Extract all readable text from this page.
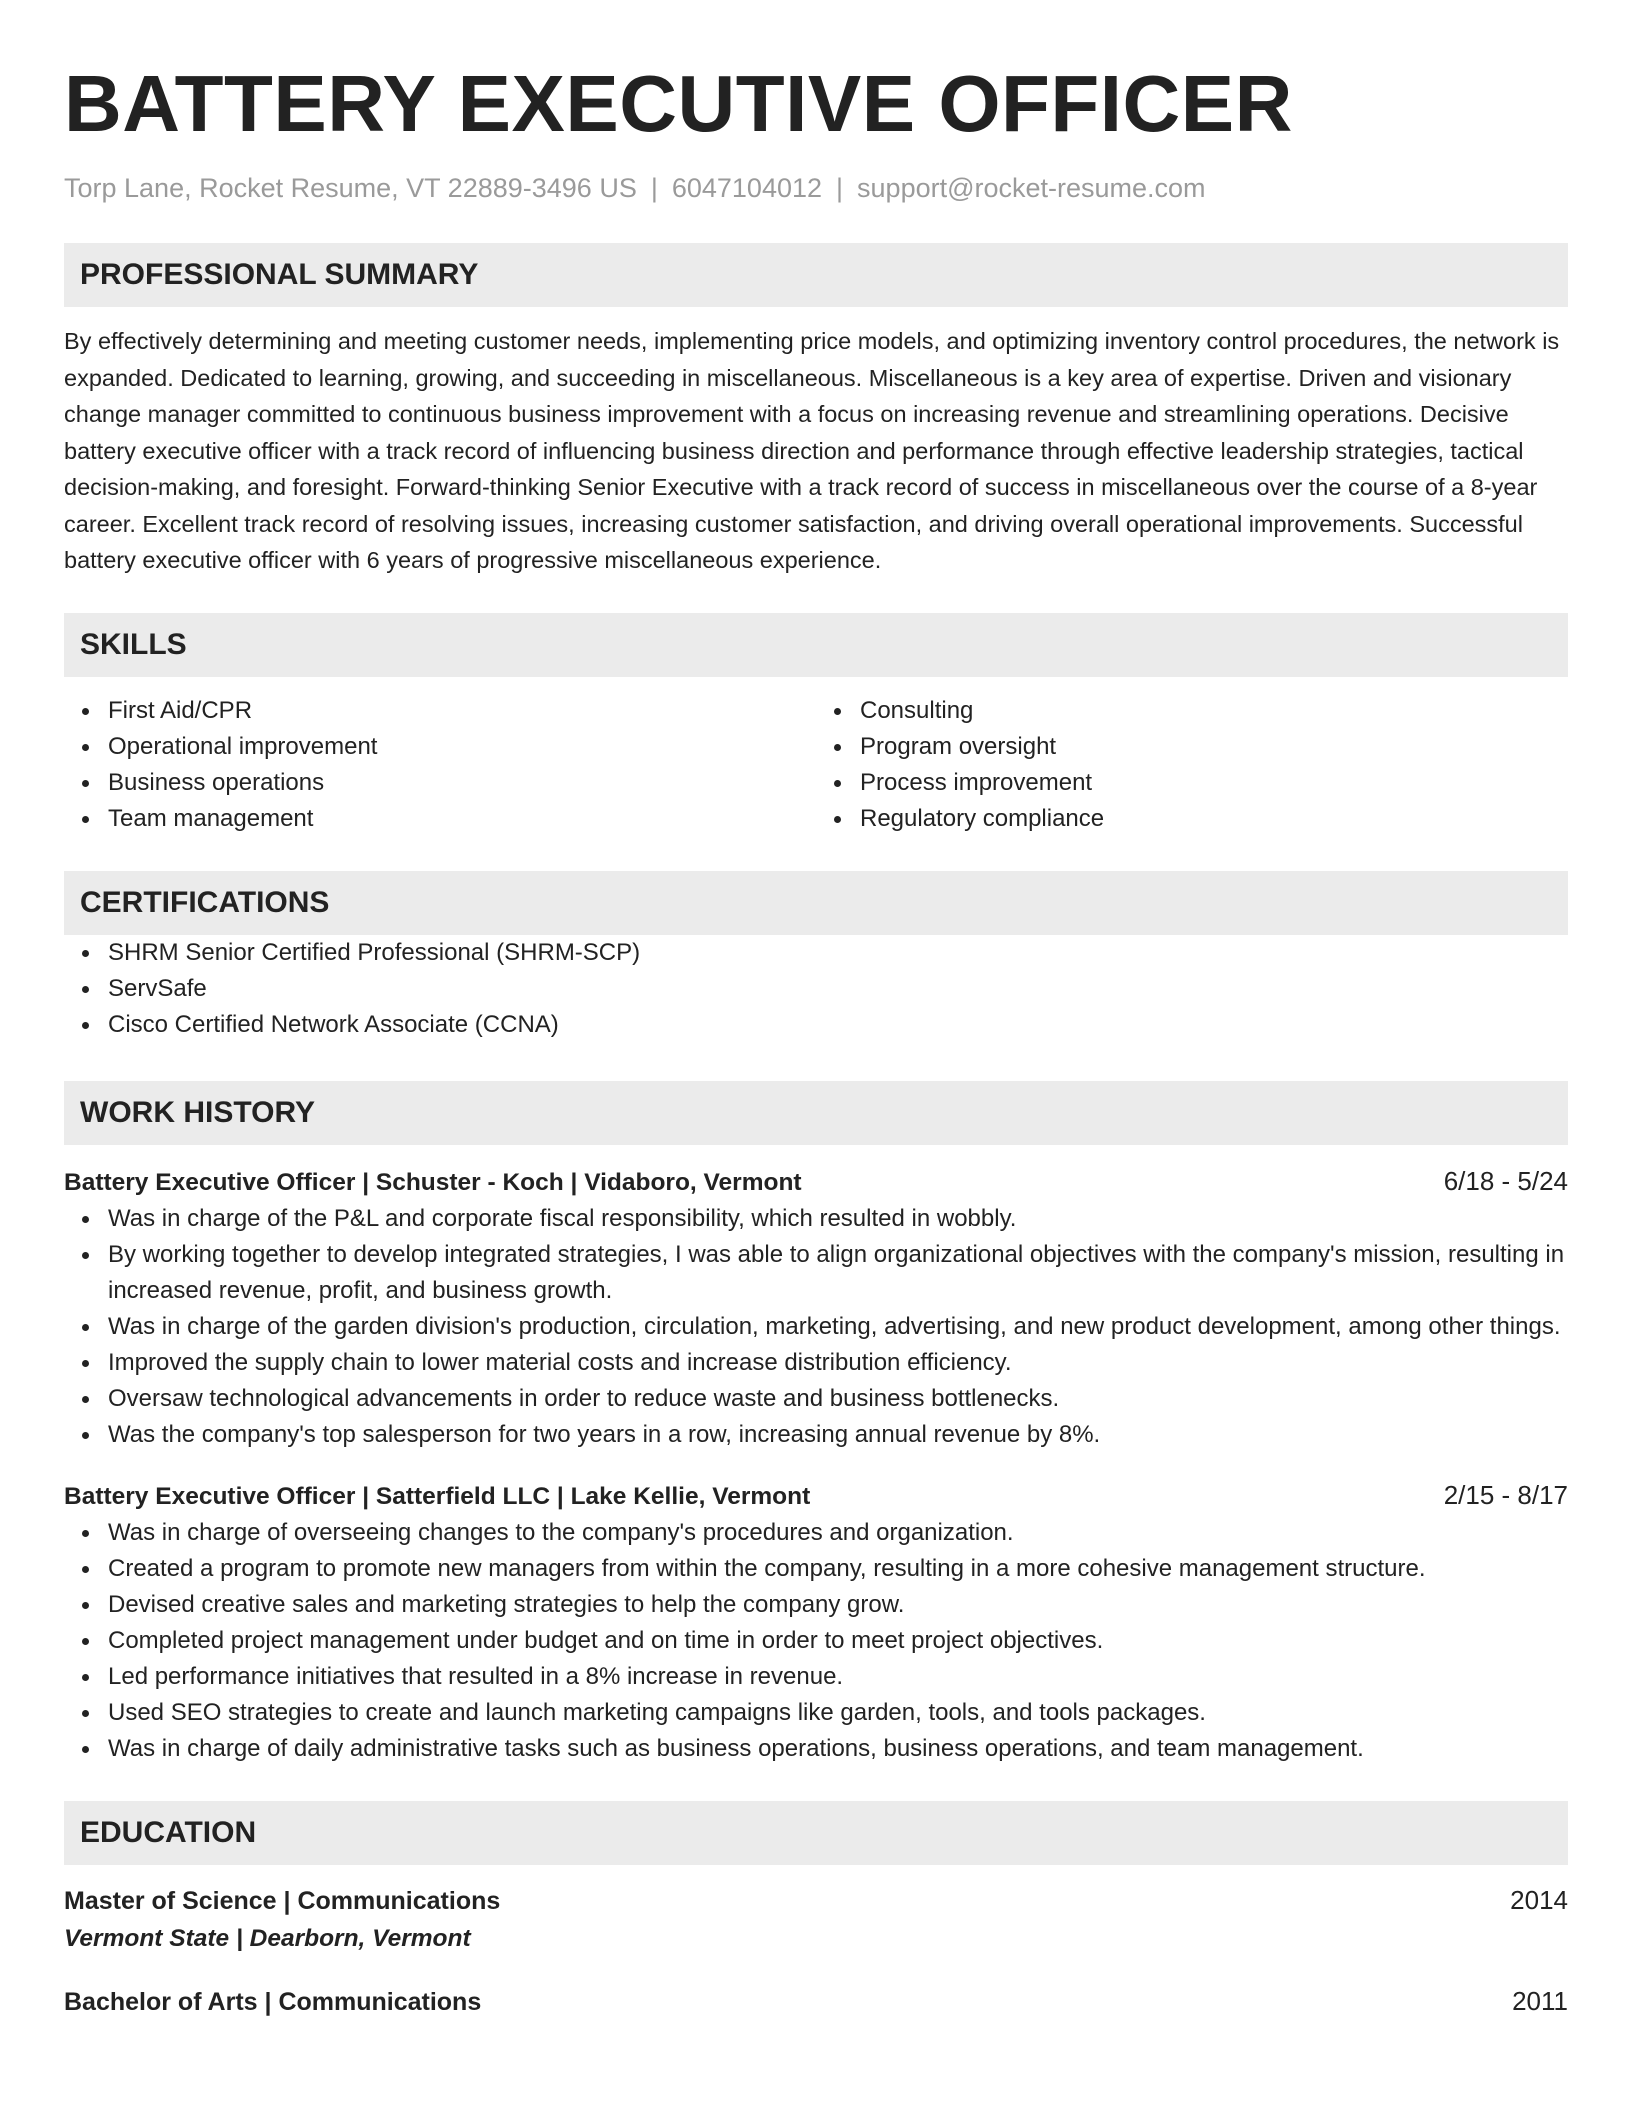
BATTERY EXECUTIVE OFFICER
Torp Lane, Rocket Resume, VT 22889-3496 US | 6047104012 | support@rocket-resume.com
PROFESSIONAL SUMMARY
By effectively determining and meeting customer needs, implementing price models, and optimizing inventory control procedures, the network is expanded. Dedicated to learning, growing, and succeeding in miscellaneous. Miscellaneous is a key area of expertise. Driven and visionary change manager committed to continuous business improvement with a focus on increasing revenue and streamlining operations. Decisive battery executive officer with a track record of influencing business direction and performance through effective leadership strategies, tactical decision-making, and foresight. Forward-thinking Senior Executive with a track record of success in miscellaneous over the course of a 8-year career. Excellent track record of resolving issues, increasing customer satisfaction, and driving overall operational improvements. Successful battery executive officer with 6 years of progressive miscellaneous experience.
SKILLS
First Aid/CPR
Operational improvement
Business operations
Team management
Consulting
Program oversight
Process improvement
Regulatory compliance
CERTIFICATIONS
SHRM Senior Certified Professional (SHRM-SCP)
ServSafe
Cisco Certified Network Associate (CCNA)
WORK HISTORY
Battery Executive Officer | Schuster - Koch | Vidaboro, Vermont	6/18 - 5/24
Was in charge of the P&L and corporate fiscal responsibility, which resulted in wobbly.
By working together to develop integrated strategies, I was able to align organizational objectives with the company's mission, resulting in increased revenue, profit, and business growth.
Was in charge of the garden division's production, circulation, marketing, advertising, and new product development, among other things.
Improved the supply chain to lower material costs and increase distribution efficiency.
Oversaw technological advancements in order to reduce waste and business bottlenecks.
Was the company's top salesperson for two years in a row, increasing annual revenue by 8%.
Battery Executive Officer | Satterfield LLC | Lake Kellie, Vermont	2/15 - 8/17
Was in charge of overseeing changes to the company's procedures and organization.
Created a program to promote new managers from within the company, resulting in a more cohesive management structure.
Devised creative sales and marketing strategies to help the company grow.
Completed project management under budget and on time in order to meet project objectives.
Led performance initiatives that resulted in a 8% increase in revenue.
Used SEO strategies to create and launch marketing campaigns like garden, tools, and tools packages.
Was in charge of daily administrative tasks such as business operations, business operations, and team management.
EDUCATION
Master of Science | Communications	2014
Vermont State | Dearborn, Vermont
Bachelor of Arts | Communications	2011
